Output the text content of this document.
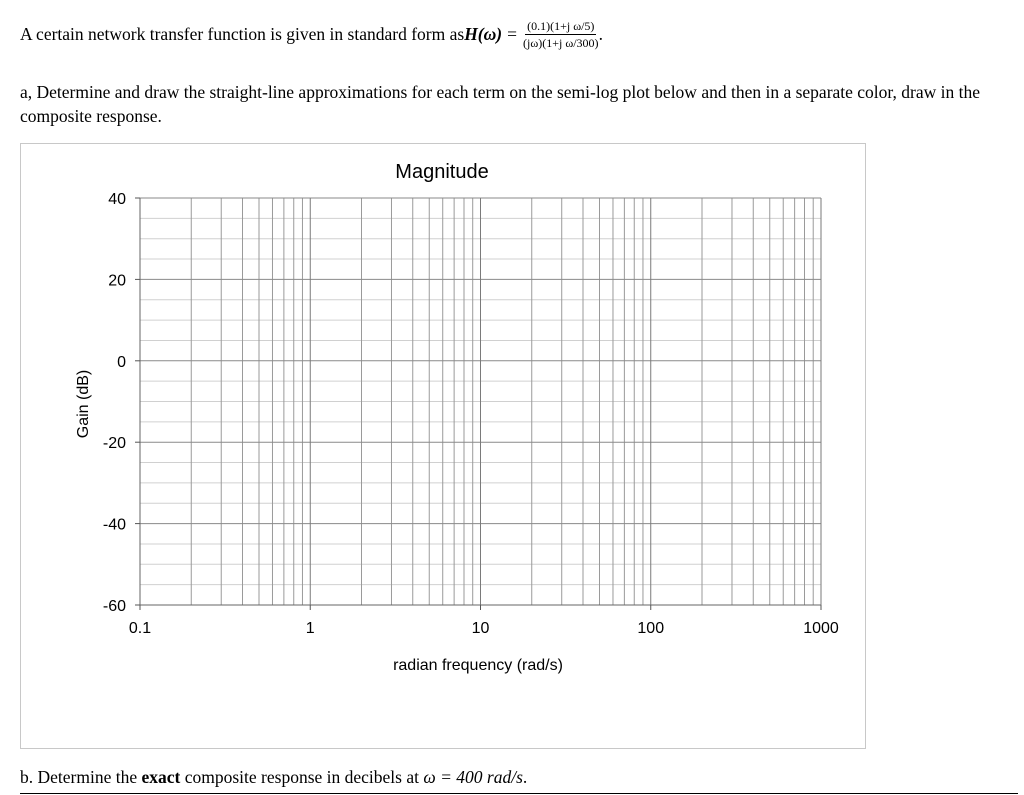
A certain network transfer function is given in standard form as $H(\omega) = \frac{\text{(0.1)(1+j ω/5)}}{\text{(jω)(1+j ω/300)}}$ .
a, Determine and draw the straight-line approximations for each term on the semi-log plot below and then in a separate color, draw in the composite response.
40
20
0
-20
-40
-60
0.1	1	10	100	1000
Magnitude
radian frequency (rad/s)
Gain (dB)
b. Determine the exact composite response in decibels at ω = 400 rad/s.
